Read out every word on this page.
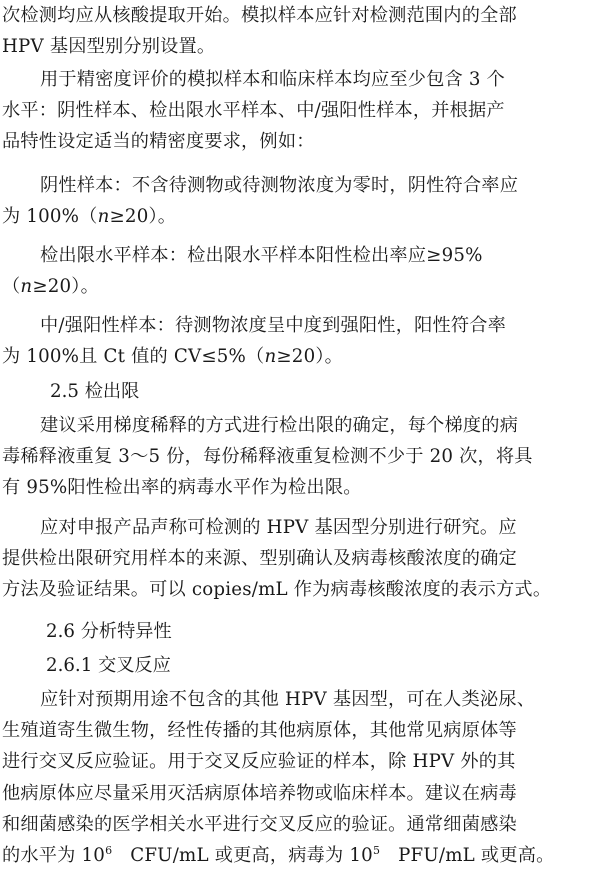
次检测均应从核酸提取开始。模拟样本应针对检测范围内的全部
HPV 基因型别分别设置。
用于精密度评价的模拟样本和临床样本均应至少包含 3 个
水平：阴性样本、检出限水平样本、中/强阳性样本，并根据产
品特性设定适当的精密度要求，例如：
阴性样本：不含待测物或待测物浓度为零时，阴性符合率应
为 100%（n≥20）。
检出限水平样本：检出限水平样本阳性检出率应≥95%
（n≥20）。
中/强阳性样本：待测物浓度呈中度到强阳性，阳性符合率
为 100%且 Ct 值的 CV≤5%（n≥20）。
2.5 检出限
建议采用梯度稀释的方式进行检出限的确定，每个梯度的病
毒稀释液重复 3～5 份，每份稀释液重复检测不少于 20 次，将具
有 95%阳性检出率的病毒水平作为检出限。
应对申报产品声称可检测的 HPV 基因型分别进行研究。应
提供检出限研究用样本的来源、型别确认及病毒核酸浓度的确定
方法及验证结果。可以 copies/mL 作为病毒核酸浓度的表示方式。
2.6 分析特异性
2.6.1 交叉反应
应针对预期用途不包含的其他 HPV 基因型，可在人类泌尿、
生殖道寄生微生物，经性传播的其他病原体，其他常见病原体等
进行交叉反应验证。用于交叉反应验证的样本，除 HPV 外的其
他病原体应尽量采用灭活病原体培养物或临床样本。建议在病毒
和细菌感染的医学相关水平进行交叉反应的验证。通常细菌感染
的水平为 $10^6$   CFU/mL 或更高，病毒为 $10^5$   PFU/mL 或更高。
